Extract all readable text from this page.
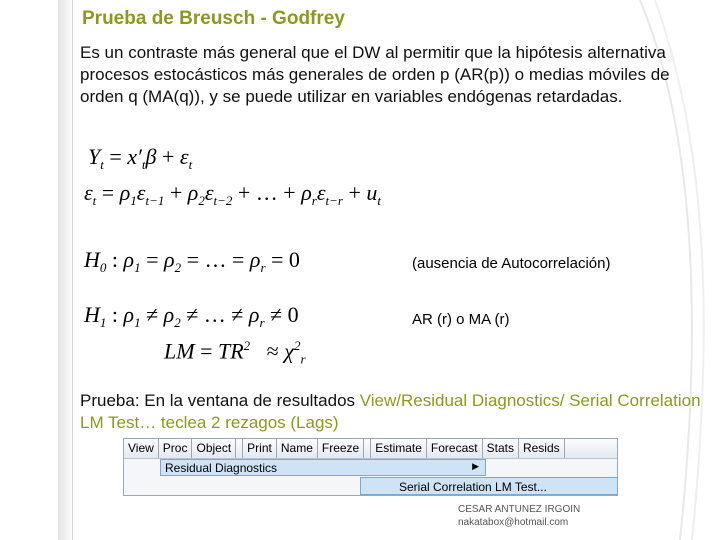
Prueba de Breusch - Godfrey

Es un contraste más general que el DW al permitir que la hipótesis alternativa procesos estocásticos más generales de orden p (AR(p)) o medias móviles de orden q (MA(q)), y se puede utilizar en variables endógenas retardadas.

$Y_t = x'_t\beta + \varepsilon_t$
$\varepsilon_t = \rho_1\varepsilon_{t-1} + \rho_2\varepsilon_{t-2}$ + … + $\rho_r\varepsilon_{t-r} + u_t$
$H_0$ : $\rho_1 = \rho_2$ = … = $\rho_r = 0$
$H_1$ : $\rho_1 \ne \rho_2$ ≠ … ≠ $\rho_r \ne 0$
LM = $TR^2 \approx \chi^2_r$
(ausencia de Autocorrelación)
AR (r) o MA (r)
Prueba: En la ventana de resultados View/Residual Diagnostics/ Serial Correlation LM Test… teclea 2 rezagos (Lags)
View Proc Object	Print Name Freeze	Estimate Forecast Stats Resids
Residual Diagnostics	▶
Serial Correlation LM Test...
CESAR ANTUNEZ IRGOIN
nakatabox@hotmail.com
